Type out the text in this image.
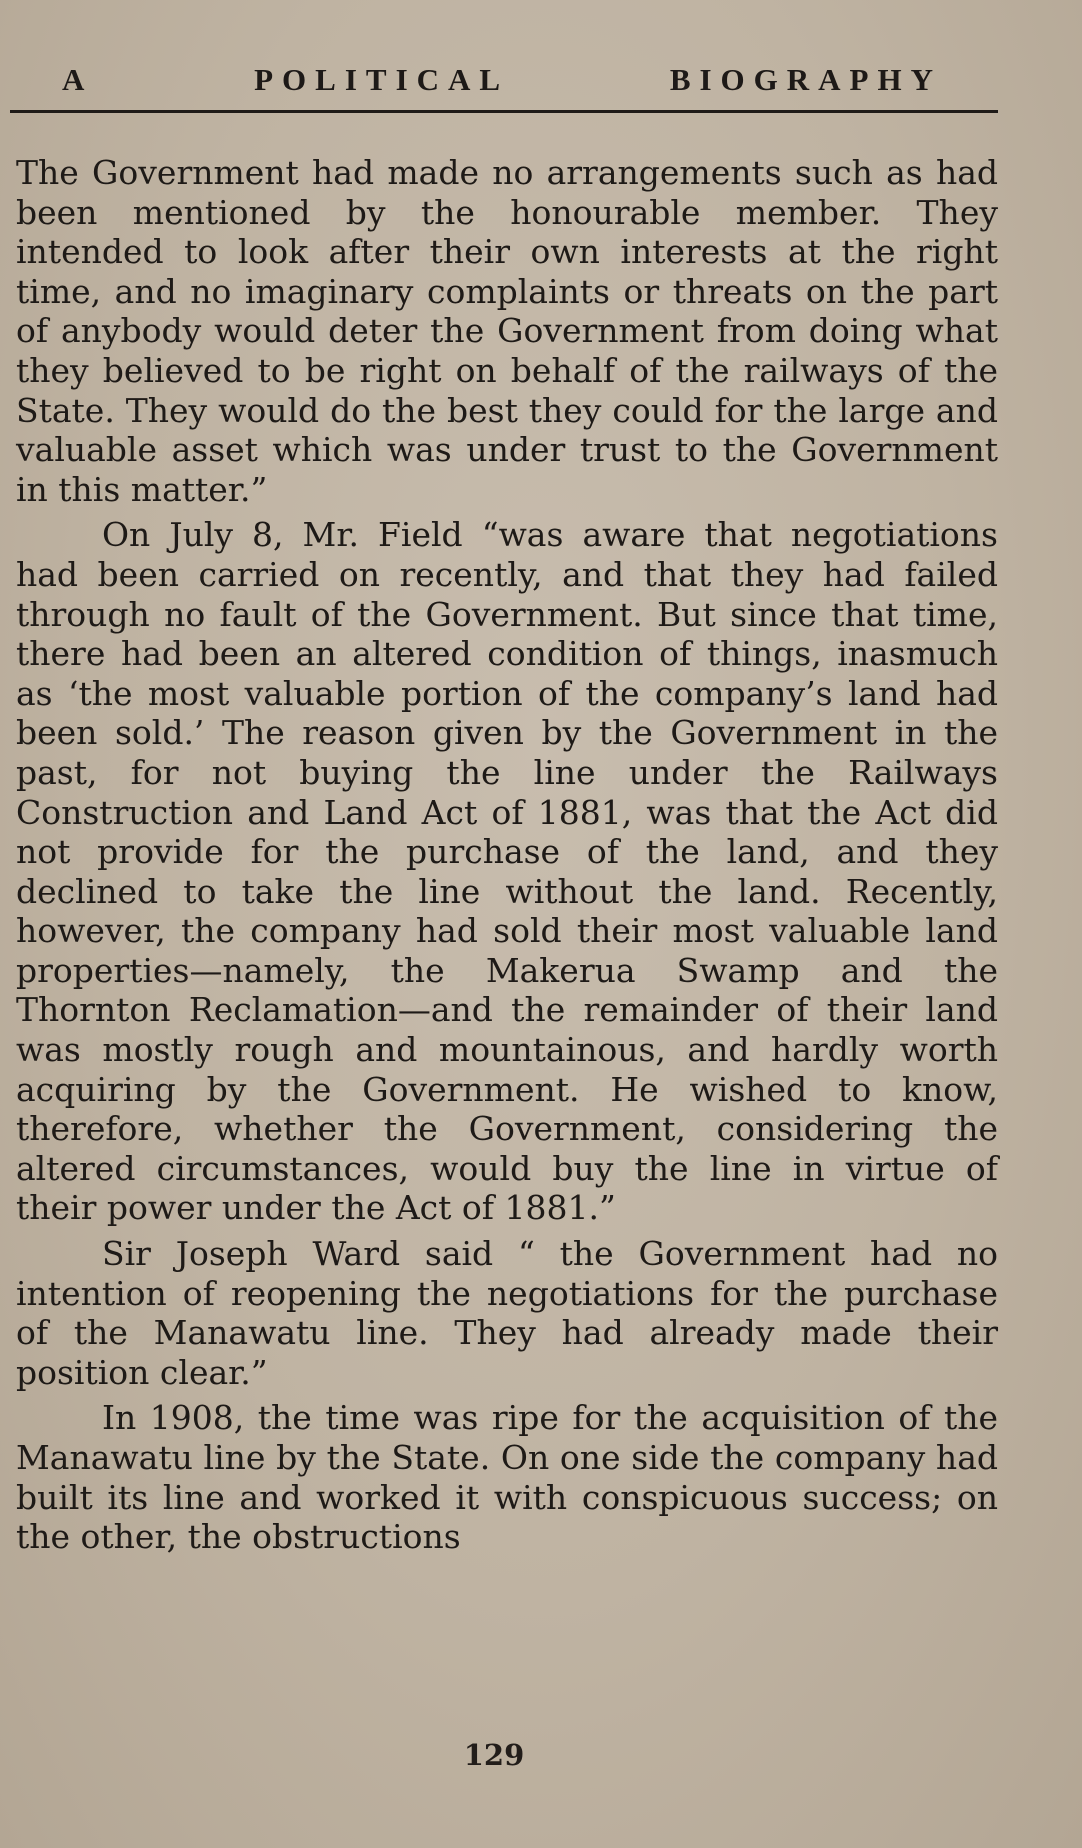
A	POLITICAL	BIOGRAPHY

The Government had made no arrangements such as had been mentioned by the honourable member. They intended to look after their own interests at the right time, and no imaginary complaints or threats on the part of anybody would deter the Government from doing what they believed to be right on behalf of the railways of the State. They would do the best they could for the large and valuable asset which was under trust to the Government in this matter.”

On July 8, Mr. Field “was aware that negotiations had been carried on recently, and that they had failed through no fault of the Government. But since that time, there had been an altered condition of things, inasmuch as ‘the most valuable portion of the company’s land had been sold.’ The reason given by the Government in the past, for not buying the line under the Railways Construction and Land Act of 1881, was that the Act did not provide for the purchase of the land, and they declined to take the line without the land. Recently, however, the company had sold their most valuable land properties—namely, the Makerua Swamp and the Thornton Reclamation—and the remainder of their land was mostly rough and mountainous, and hardly worth acquiring by the Government. He wished to know, therefore, whether the Government, considering the altered circumstances, would buy the line in virtue of their power under the Act of 1881.”

Sir Joseph Ward said “ the Government had no intention of reopening the negotiations for the purchase of the Manawatu line. They had already made their position clear.”

In 1908, the time was ripe for the acquisition of the Manawatu line by the State. On one side the company had built its line and worked it with conspicuous success; on the other, the obstructions

129
